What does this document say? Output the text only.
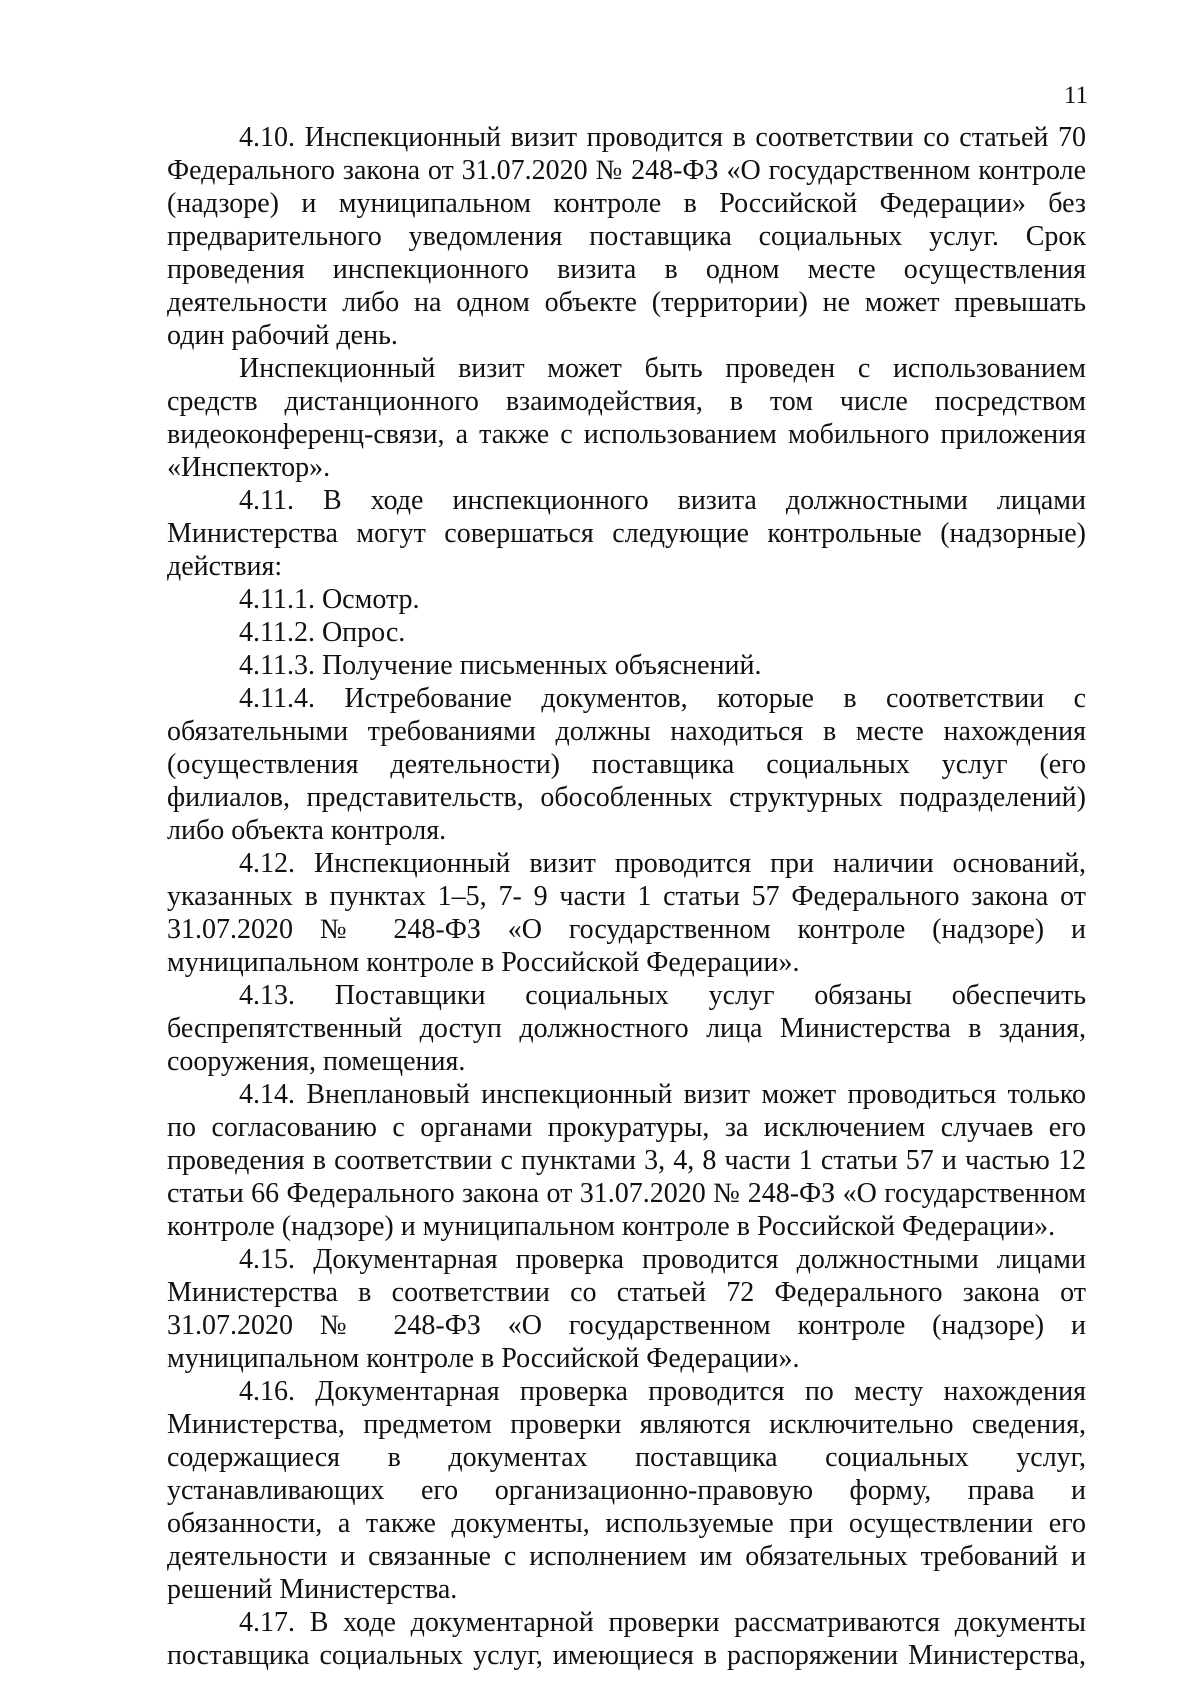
11

4.10. Инспекционный визит проводится в соответствии со статьей 70 Федерального закона от 31.07.2020 № 248-ФЗ «О государственном контроле (надзоре) и муниципальном контроле в Российской Федерации» без предварительного уведомления поставщика социальных услуг. Срок проведения инспекционного визита в одном месте осуществления деятельности либо на одном объекте (территории) не может превышать один рабочий день.

Инспекционный визит может быть проведен с использованием средств дистанционного взаимодействия, в том числе посредством видеоконференц-связи, а также с использованием мобильного приложения «Инспектор».

4.11. В ходе инспекционного визита должностными лицами Министерства могут совершаться следующие контрольные (надзорные) действия:

4.11.1. Осмотр.

4.11.2. Опрос.

4.11.3. Получение письменных объяснений.

4.11.4. Истребование документов, которые в соответствии с обязательными требованиями должны находиться в месте нахождения (осуществления деятельности) поставщика социальных услуг (его филиалов, представительств, обособленных структурных подразделений) либо объекта контроля.

4.12. Инспекционный визит проводится при наличии оснований, указанных в пунктах 1–5, 7- 9 части 1 статьи 57 Федерального закона от 31.07.2020 № 248-ФЗ «О государственном контроле (надзоре) и муниципальном контроле в Российской Федерации».

4.13. Поставщики социальных услуг обязаны обеспечить беспрепятственный доступ должностного лица Министерства в здания, сооружения, помещения.

4.14. Внеплановый инспекционный визит может проводиться только по согласованию с органами прокуратуры, за исключением случаев его проведения в соответствии с пунктами 3, 4, 8 части 1 статьи 57 и частью 12 статьи 66 Федерального закона от 31.07.2020 № 248-ФЗ «О государственном контроле (надзоре) и муниципальном контроле в Российской Федерации».

4.15. Документарная проверка проводится должностными лицами Министерства в соответствии со статьей 72 Федерального закона от 31.07.2020 № 248-ФЗ «О государственном контроле (надзоре) и муниципальном контроле в Российской Федерации».

4.16. Документарная проверка проводится по месту нахождения Министерства, предметом проверки являются исключительно сведения, содержащиеся в документах поставщика социальных услуг, устанавливающих его организационно-правовую форму, права и обязанности, а также документы, используемые при осуществлении его деятельности и связанные с исполнением им обязательных требований и решений Министерства.

4.17. В ходе документарной проверки рассматриваются документы поставщика социальных услуг, имеющиеся в распоряжении Министерства,
